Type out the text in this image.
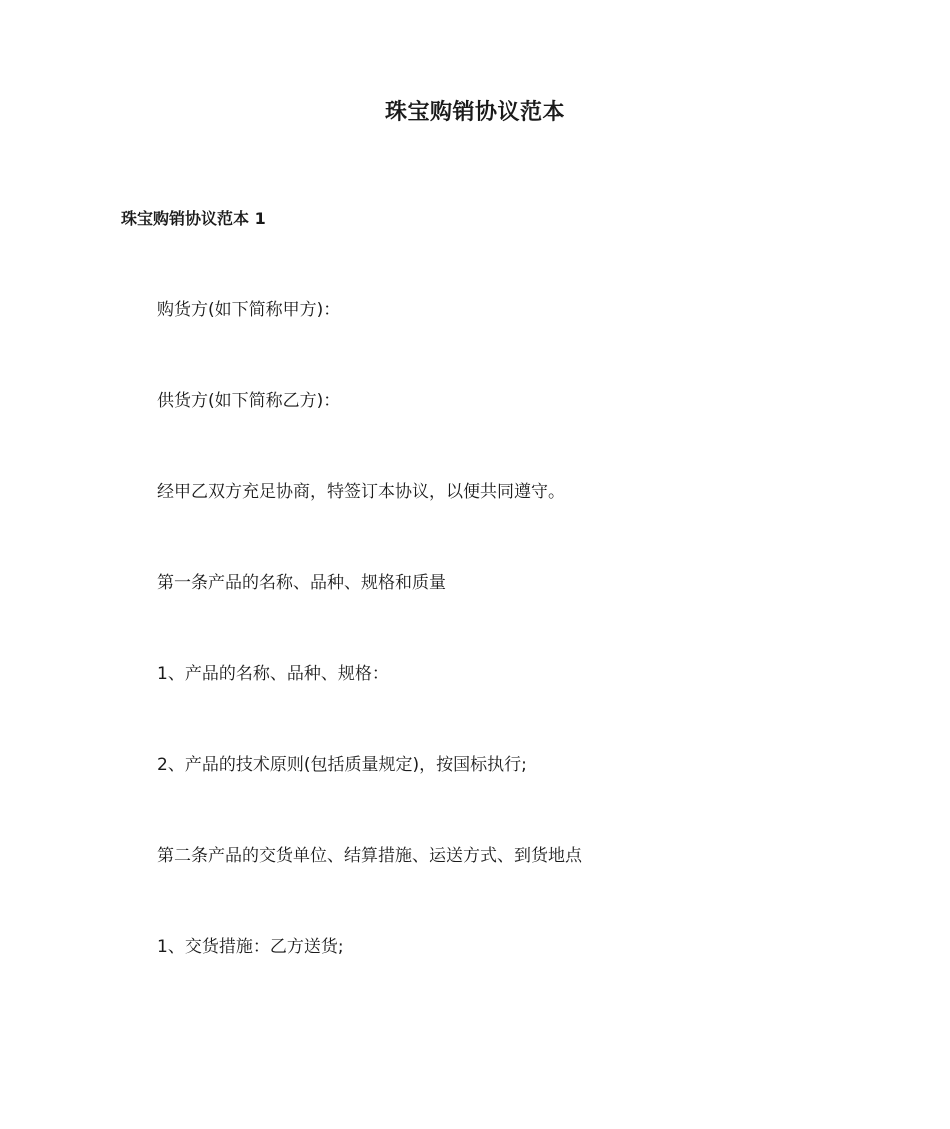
珠宝购销协议范本
珠宝购销协议范本 1
购货方(如下简称甲方)：
供货方(如下简称乙方)：
经甲乙双方充足协商，特签订本协议，以便共同遵守。
第一条产品的名称、品种、规格和质量
1、产品的名称、品种、规格：
2、产品的技术原则(包括质量规定)，按国标执行;
第二条产品的交货单位、结算措施、运送方式、到货地点
1、交货措施：乙方送货;
